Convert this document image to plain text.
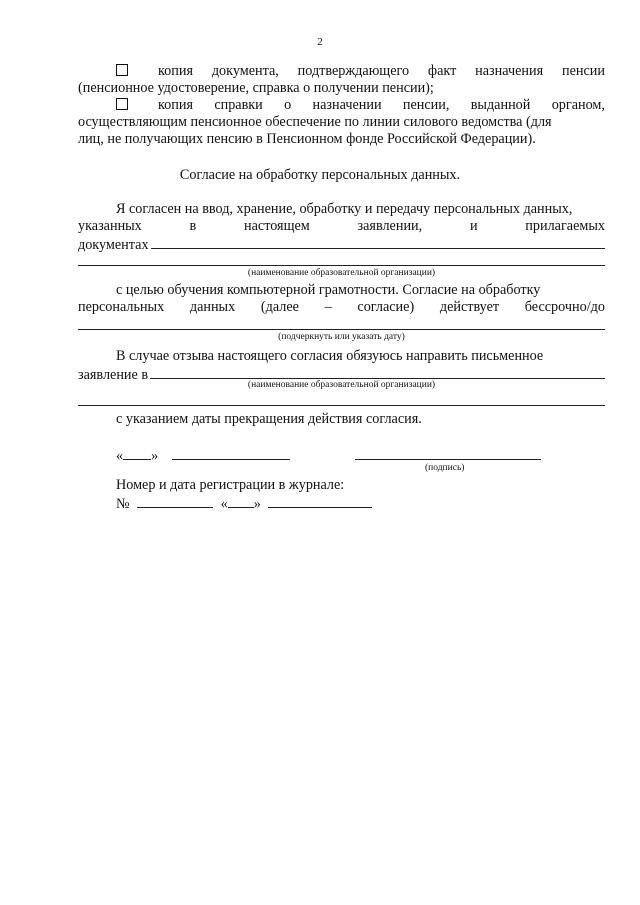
2
копия документа, подтверждающего факт назначения пенсии
(пенсионное удостоверение, справка о получении пенсии);
копия справки о назначении пенсии, выданной органом,
осуществляющим пенсионное обеспечение по линии силового ведомства (для
лиц, не получающих пенсию в Пенсионном фонде Российской Федерации).
Согласие на обработку персональных данных.
Я согласен на ввод, хранение, обработку и передачу персональных данных,
указанных	в	настоящем	заявлении,	и	прилагаемых
документах
(наименование образовательной организации)
с целью обучения компьютерной грамотности. Согласие на обработку
персональных данных (далее – согласие) действует бессрочно/до
(подчеркнуть или указать дату)
В случае отзыва настоящего согласия обязуюсь направить письменное
заявление в
(наименование образовательной организации)
с указанием даты прекращения действия согласия.
« »
(подпись)
Номер и дата регистрации в журнале:
№	« »
